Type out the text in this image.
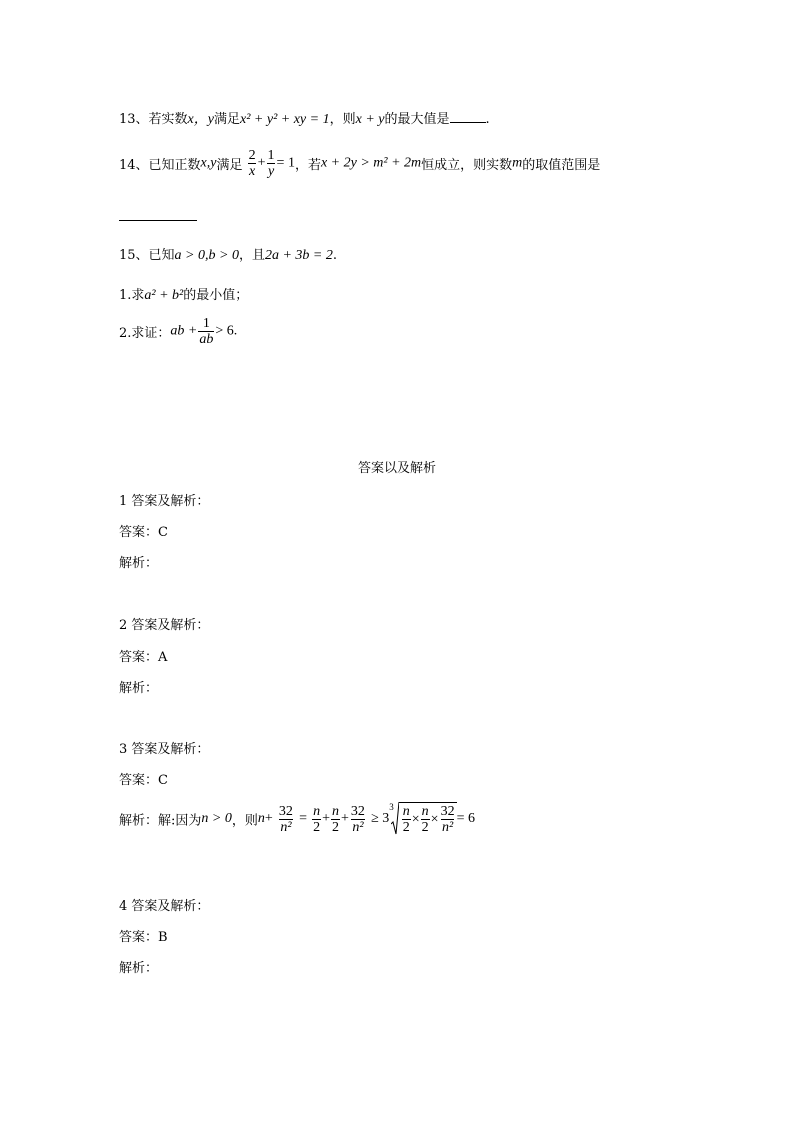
13、若实数x，y满足x² + y² + xy = 1，则x + y的最大值是	.
14、已知正数x,y满足 $\frac{2}{x} + \frac{1}{y} = 1$，若x + 2y > m² + 2m恒成立，则实数m的取值范围是
15、已知a > 0,b > 0，且2a + 3b = 2.
1.求a² + b²的最小值；
2.求证：ab + $\frac{1}{ab} > 6$.
答案以及解析
1 答案及解析：
答案：C
解析：
2 答案及解析：
答案：A
解析：
3 答案及解析：
答案：C
解析：解:因为n > 0，则$n+ \frac{32}{\text{n²}} = \frac{n}{2} + \frac{n}{2} + \frac{32}{\text{n²}} \ge 3$
$3 \frac{n}{2} \times \frac{n}{2} \times \frac{32}{\text{n²}} = 6$
4 答案及解析：
答案：B
解析：
